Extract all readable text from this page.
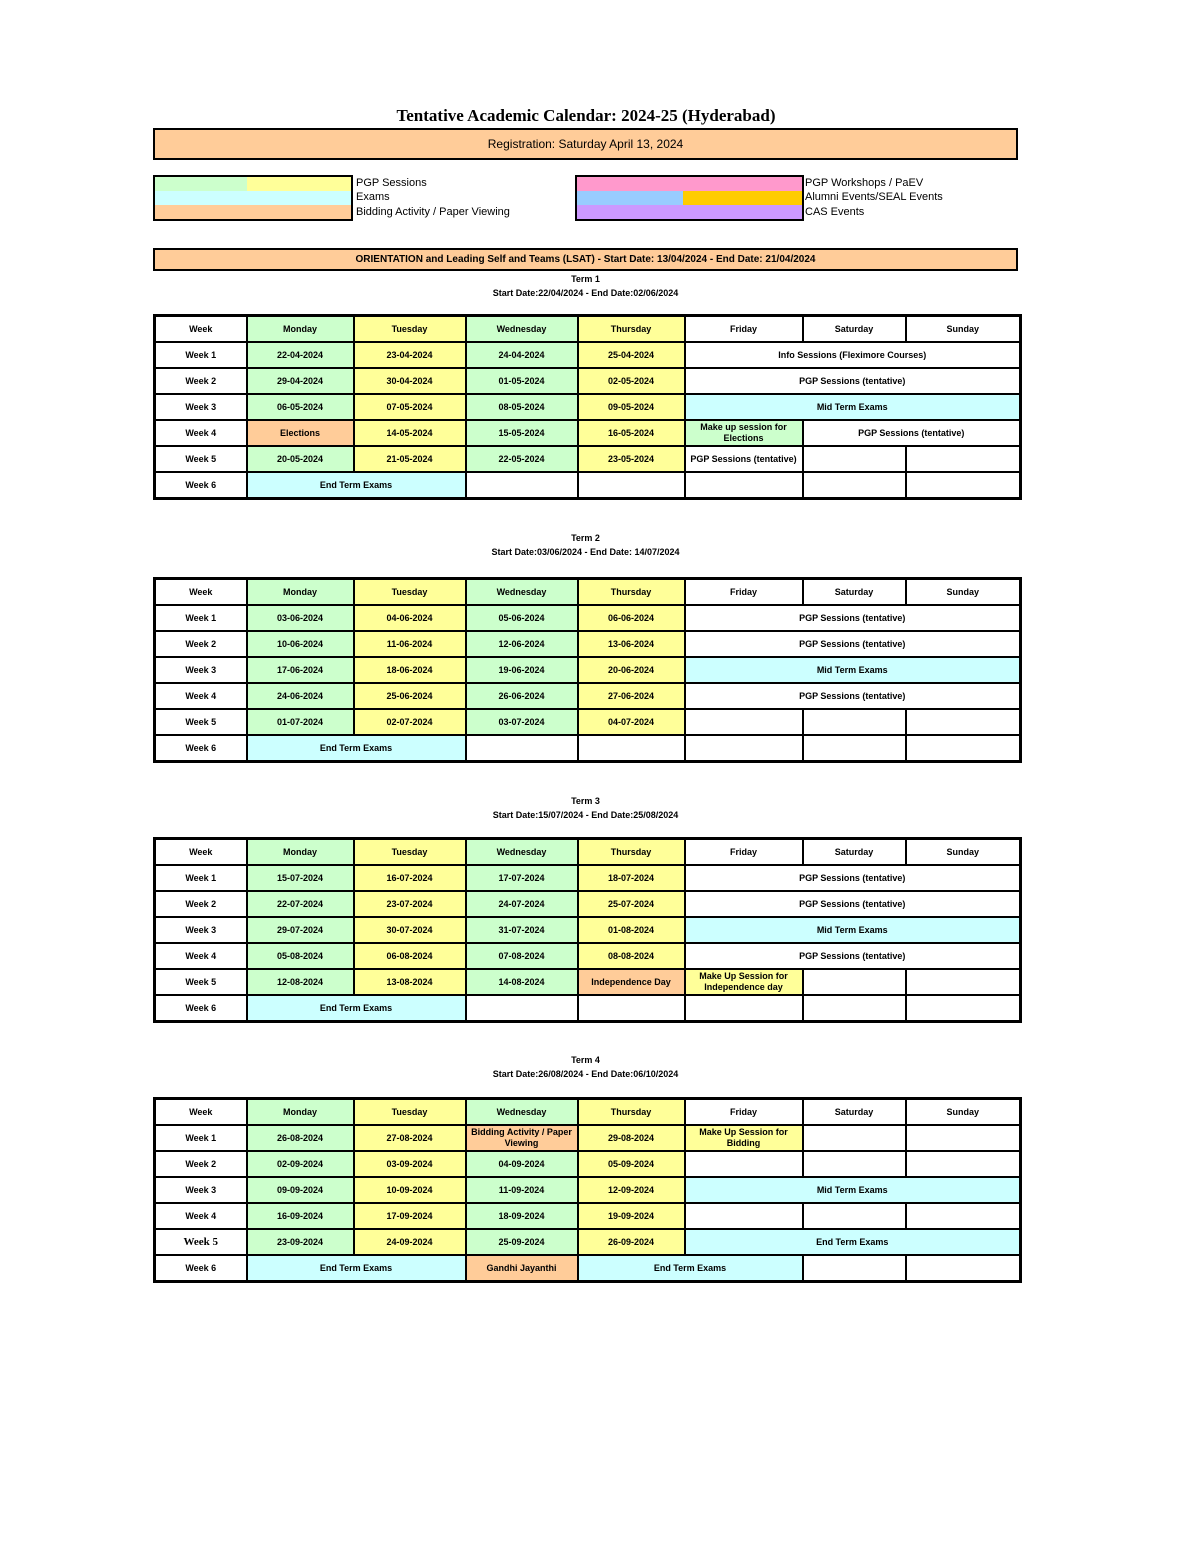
Tentative Academic Calendar: 2024-25 (Hyderabad)
Registration: Saturday April 13, 2024
PGP Sessions
Exams
Bidding Activity / Paper Viewing
PGP Workshops / PaEV
Alumni Events/SEAL Events
CAS Events
ORIENTATION and Leading Self and Teams (LSAT) - Start Date: 13/04/2024 - End Date: 21/04/2024
Term 1
Start Date:22/04/2024 - End Date:02/06/2024
Week	Monday	Tuesday	Wednesday	Thursday	Friday	Saturday	Sunday
Week 1	22-04-2024	23-04-2024	24-04-2024	25-04-2024	Info Sessions (Fleximore Courses)		
Week 2	29-04-2024	30-04-2024	01-05-2024	02-05-2024	PGP Sessions (tentative)		
Week 3	06-05-2024	07-05-2024	08-05-2024	09-05-2024	Mid Term Exams		
Week 4	Elections	14-05-2024	15-05-2024	16-05-2024	Make up session for Elections	PGP Sessions (tentative)	
Week 5	20-05-2024	21-05-2024	22-05-2024	23-05-2024	PGP Sessions (tentative)		
Week 6	End Term Exams						
Term 2
Start Date:03/06/2024 - End Date: 14/07/2024
Week	Monday	Tuesday	Wednesday	Thursday	Friday	Saturday	Sunday
Week 1	03-06-2024	04-06-2024	05-06-2024	06-06-2024	PGP Sessions (tentative)		
Week 2	10-06-2024	11-06-2024	12-06-2024	13-06-2024	PGP Sessions (tentative)		
Week 3	17-06-2024	18-06-2024	19-06-2024	20-06-2024	Mid Term Exams		
Week 4	24-06-2024	25-06-2024	26-06-2024	27-06-2024	PGP Sessions (tentative)		
Week 5	01-07-2024	02-07-2024	03-07-2024	04-07-2024			
Week 6	End Term Exams						
Term 3
Start Date:15/07/2024 - End Date:25/08/2024
Week	Monday	Tuesday	Wednesday	Thursday	Friday	Saturday	Sunday
Week 1	15-07-2024	16-07-2024	17-07-2024	18-07-2024	PGP Sessions (tentative)		
Week 2	22-07-2024	23-07-2024	24-07-2024	25-07-2024	PGP Sessions (tentative)		
Week 3	29-07-2024	30-07-2024	31-07-2024	01-08-2024	Mid Term Exams		
Week 4	05-08-2024	06-08-2024	07-08-2024	08-08-2024	PGP Sessions (tentative)		
Week 5	12-08-2024	13-08-2024	14-08-2024	Independence Day	Make Up Session for Independence day		
Week 6	End Term Exams						
Term 4
Start Date:26/08/2024 - End Date:06/10/2024
Week	Monday	Tuesday	Wednesday	Thursday	Friday	Saturday	Sunday
Week 1	26-08-2024	27-08-2024	Bidding Activity / Paper Viewing	29-08-2024	Make Up Session for Bidding		
Week 2	02-09-2024	03-09-2024	04-09-2024	05-09-2024			
Week 3	09-09-2024	10-09-2024	11-09-2024	12-09-2024	Mid Term Exams		
Week 4	16-09-2024	17-09-2024	18-09-2024	19-09-2024			
Week 5	23-09-2024	24-09-2024	25-09-2024	26-09-2024	End Term Exams		
Week 6	End Term Exams		Gandhi Jayanthi	End Term Exams			
